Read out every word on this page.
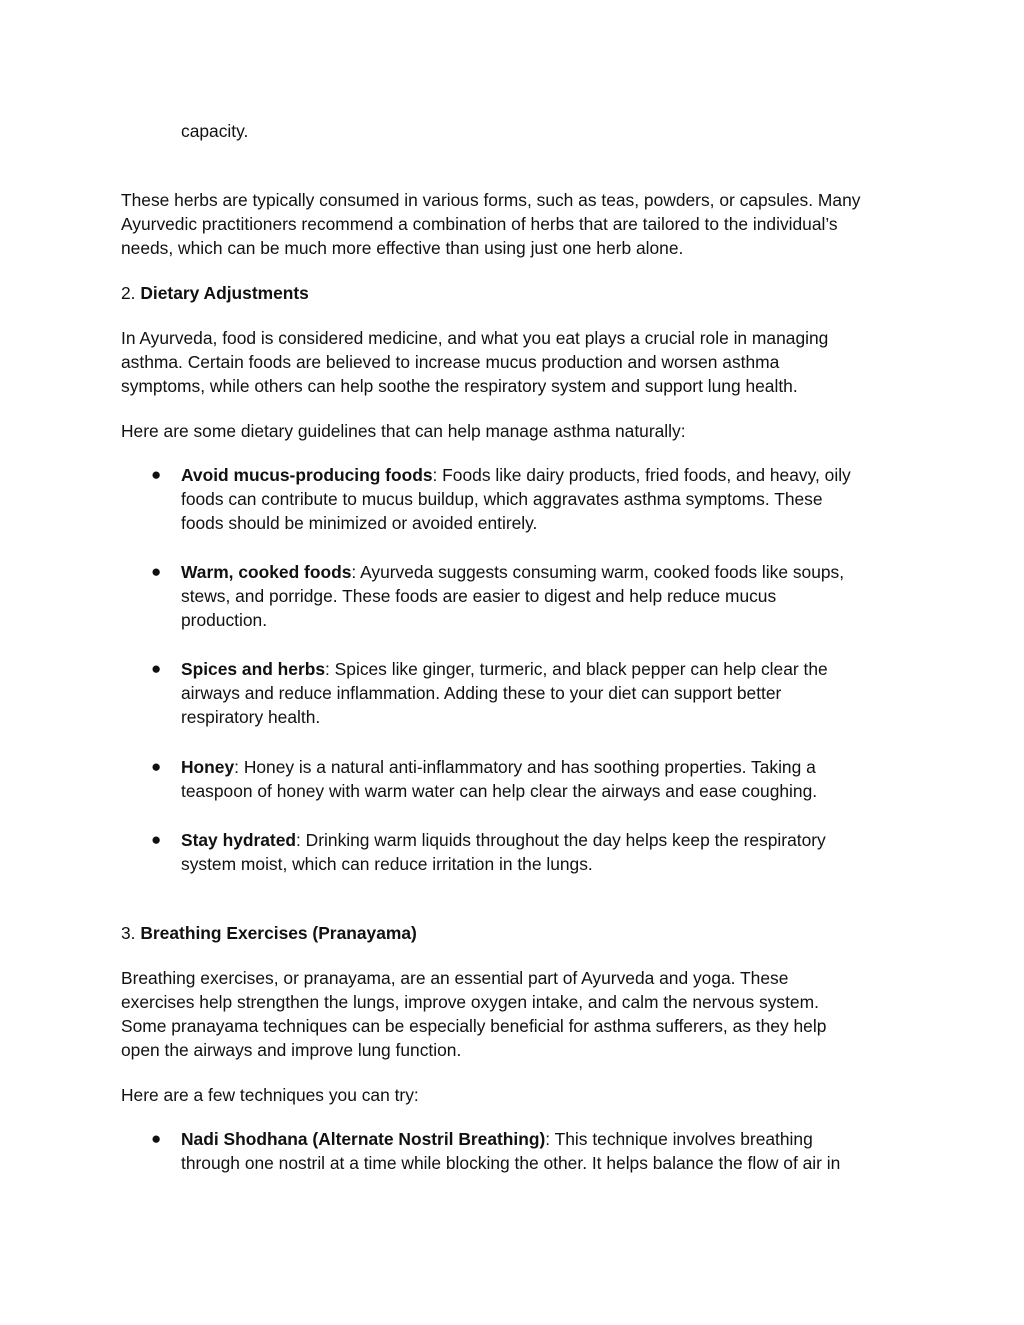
capacity.
These herbs are typically consumed in various forms, such as teas, powders, or capsules. Many
Ayurvedic practitioners recommend a combination of herbs that are tailored to the individual’s
needs, which can be much more effective than using just one herb alone.
2. Dietary Adjustments
In Ayurveda, food is considered medicine, and what you eat plays a crucial role in managing
asthma. Certain foods are believed to increase mucus production and worsen asthma
symptoms, while others can help soothe the respiratory system and support lung health.
Here are some dietary guidelines that can help manage asthma naturally:
● Avoid mucus-producing foods: Foods like dairy products, fried foods, and heavy, oily
foods can contribute to mucus buildup, which aggravates asthma symptoms. These
foods should be minimized or avoided entirely.
● Warm, cooked foods: Ayurveda suggests consuming warm, cooked foods like soups,
stews, and porridge. These foods are easier to digest and help reduce mucus
production.
● Spices and herbs: Spices like ginger, turmeric, and black pepper can help clear the
airways and reduce inflammation. Adding these to your diet can support better
respiratory health.
● Honey: Honey is a natural anti-inflammatory and has soothing properties. Taking a
teaspoon of honey with warm water can help clear the airways and ease coughing.
● Stay hydrated: Drinking warm liquids throughout the day helps keep the respiratory
system moist, which can reduce irritation in the lungs.
3. Breathing Exercises (Pranayama)
Breathing exercises, or pranayama, are an essential part of Ayurveda and yoga. These
exercises help strengthen the lungs, improve oxygen intake, and calm the nervous system.
Some pranayama techniques can be especially beneficial for asthma sufferers, as they help
open the airways and improve lung function.
Here are a few techniques you can try:
● Nadi Shodhana (Alternate Nostril Breathing): This technique involves breathing
through one nostril at a time while blocking the other. It helps balance the flow of air in
